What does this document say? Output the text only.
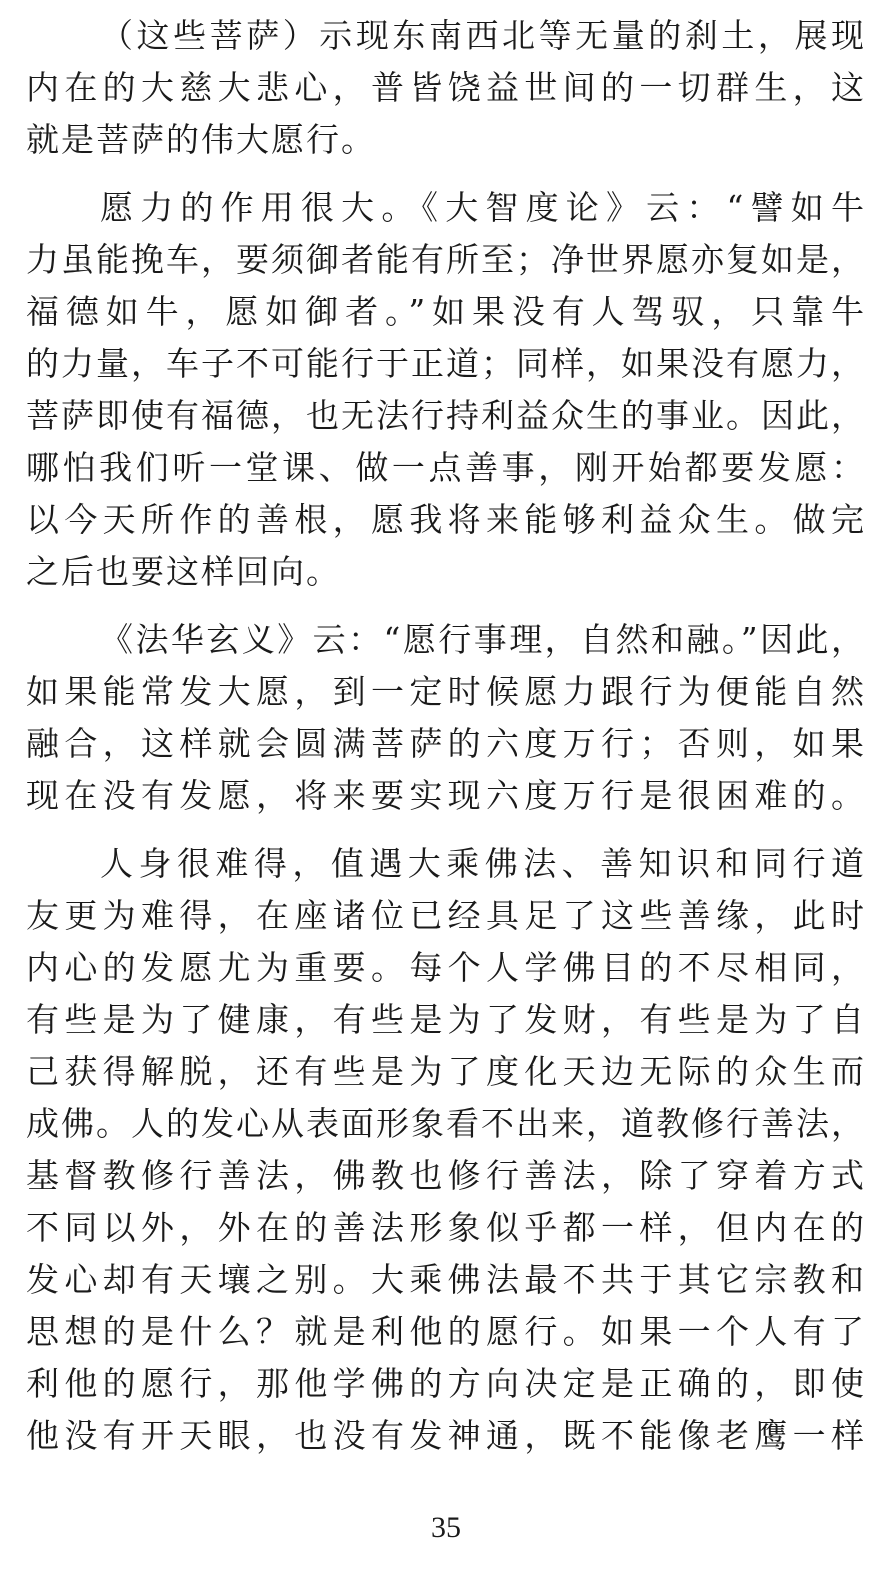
（这些菩萨）示现东南西北等无量的刹土，展现
内在的大慈大悲心，普皆饶益世间的一切群生，这
就是菩萨的伟大愿行。
愿力的作用很大。《大智度论》云：“譬如牛
力虽能挽车，要须御者能有所至；净世界愿亦复如是，
福德如牛，愿如御者。”如果没有人驾驭，只靠牛
的力量，车子不可能行于正道；同样，如果没有愿力，
菩萨即使有福德，也无法行持利益众生的事业。因此，
哪怕我们听一堂课、做一点善事，刚开始都要发愿：
以今天所作的善根，愿我将来能够利益众生。做完
之后也要这样回向。
《法华玄义》云：“愿行事理，自然和融。”因此，
如果能常发大愿，到一定时候愿力跟行为便能自然
融合，这样就会圆满菩萨的六度万行；否则，如果
现在没有发愿，将来要实现六度万行是很困难的。
人身很难得，值遇大乘佛法、善知识和同行道
友更为难得，在座诸位已经具足了这些善缘，此时
内心的发愿尤为重要。每个人学佛目的不尽相同，
有些是为了健康，有些是为了发财，有些是为了自
己获得解脱，还有些是为了度化天边无际的众生而
成佛。人的发心从表面形象看不出来，道教修行善法，
基督教修行善法，佛教也修行善法，除了穿着方式
不同以外，外在的善法形象似乎都一样，但内在的
发心却有天壤之别。大乘佛法最不共于其它宗教和
思想的是什么？就是利他的愿行。如果一个人有了
利他的愿行，那他学佛的方向决定是正确的，即使
他没有开天眼，也没有发神通，既不能像老鹰一样
35
